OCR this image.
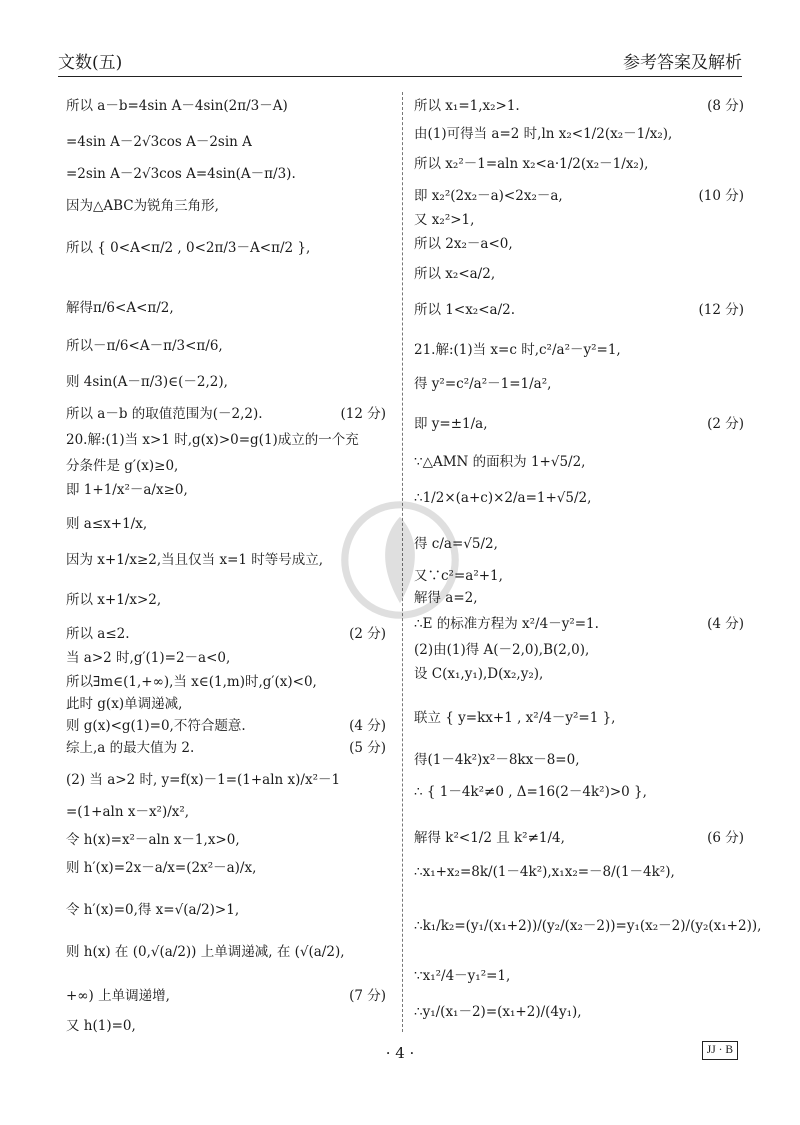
文数(五)	参考答案及解析
所以 a－b=4sin A－4sin(2π/3－A)
=4sin A－2√3cos A－2sin A
=2sin A－2√3cos A=4sin(A－π/3).
因为△ABC为锐角三角形,
所以 { 0<A<π/2 , 0<2π/3－A<π/2 },
解得π/6<A<π/2,
所以－π/6<A－π/3<π/6,
则 4sin(A－π/3)∈(－2,2),
所以 a－b 的取值范围为(－2,2).	(12 分)
20.解:(1)当 x>1 时,g(x)>0=g(1)成立的一个充
分条件是 g′(x)≥0,
即 1+1/x²－a/x≥0,
则 a≤x+1/x,
因为 x+1/x≥2,当且仅当 x=1 时等号成立,
所以 x+1/x>2,
所以 a≤2.	(2 分)
当 a>2 时,g′(1)=2－a<0,
所以∃m∈(1,+∞),当 x∈(1,m)时,g′(x)<0,
此时 g(x)单调递减,
则 g(x)<g(1)=0,不符合题意.	(4 分)
综上,a 的最大值为 2.	(5 分)
(2) 当 a>2 时, y=f(x)－1=(1+aln x)/x²－1
=(1+aln x－x²)/x²,
令 h(x)=x²－aln x－1,x>0,
则 h′(x)=2x－a/x=(2x²－a)/x,
令 h′(x)=0,得 x=√(a/2)>1,
则 h(x) 在 (0,√(a/2)) 上单调递减, 在 (√(a/2),
+∞) 上单调递增,	(7 分)
又 h(1)=0,
所以 x₁=1,x₂>1.	(8 分)
由(1)可得当 a=2 时,ln x₂<1/2(x₂－1/x₂),
所以 x₂²－1=aln x₂<a·1/2(x₂－1/x₂),
即 x₂²(2x₂－a)<2x₂－a,	(10 分)
又 x₂²>1,
所以 2x₂－a<0,
所以 x₂<a/2,
所以 1<x₂<a/2.	(12 分)
21.解:(1)当 x=c 时,c²/a²－y²=1,
得 y²=c²/a²－1=1/a²,
即 y=±1/a,	(2 分)
∵△AMN 的面积为 1+√5/2,
∴1/2×(a+c)×2/a=1+√5/2,
得 c/a=√5/2,
又∵c²=a²+1,
解得 a=2,
∴E 的标准方程为 x²/4－y²=1.	(4 分)
(2)由(1)得 A(－2,0),B(2,0),
设 C(x₁,y₁),D(x₂,y₂),
联立 { y=kx+1 , x²/4－y²=1 },
得(1－4k²)x²－8kx－8=0,
∴ { 1－4k²≠0 , Δ=16(2－4k²)>0 },
解得 k²<1/2 且 k²≠1/4,	(6 分)
∴x₁+x₂=8k/(1－4k²),x₁x₂=－8/(1－4k²),
∴k₁/k₂=(y₁/(x₁+2))/(y₂/(x₂－2))=y₁(x₂－2)/(y₂(x₁+2)),
∵x₁²/4－y₁²=1,
∴y₁/(x₁－2)=(x₁+2)/(4y₁),
· 4 ·	JJ · B
